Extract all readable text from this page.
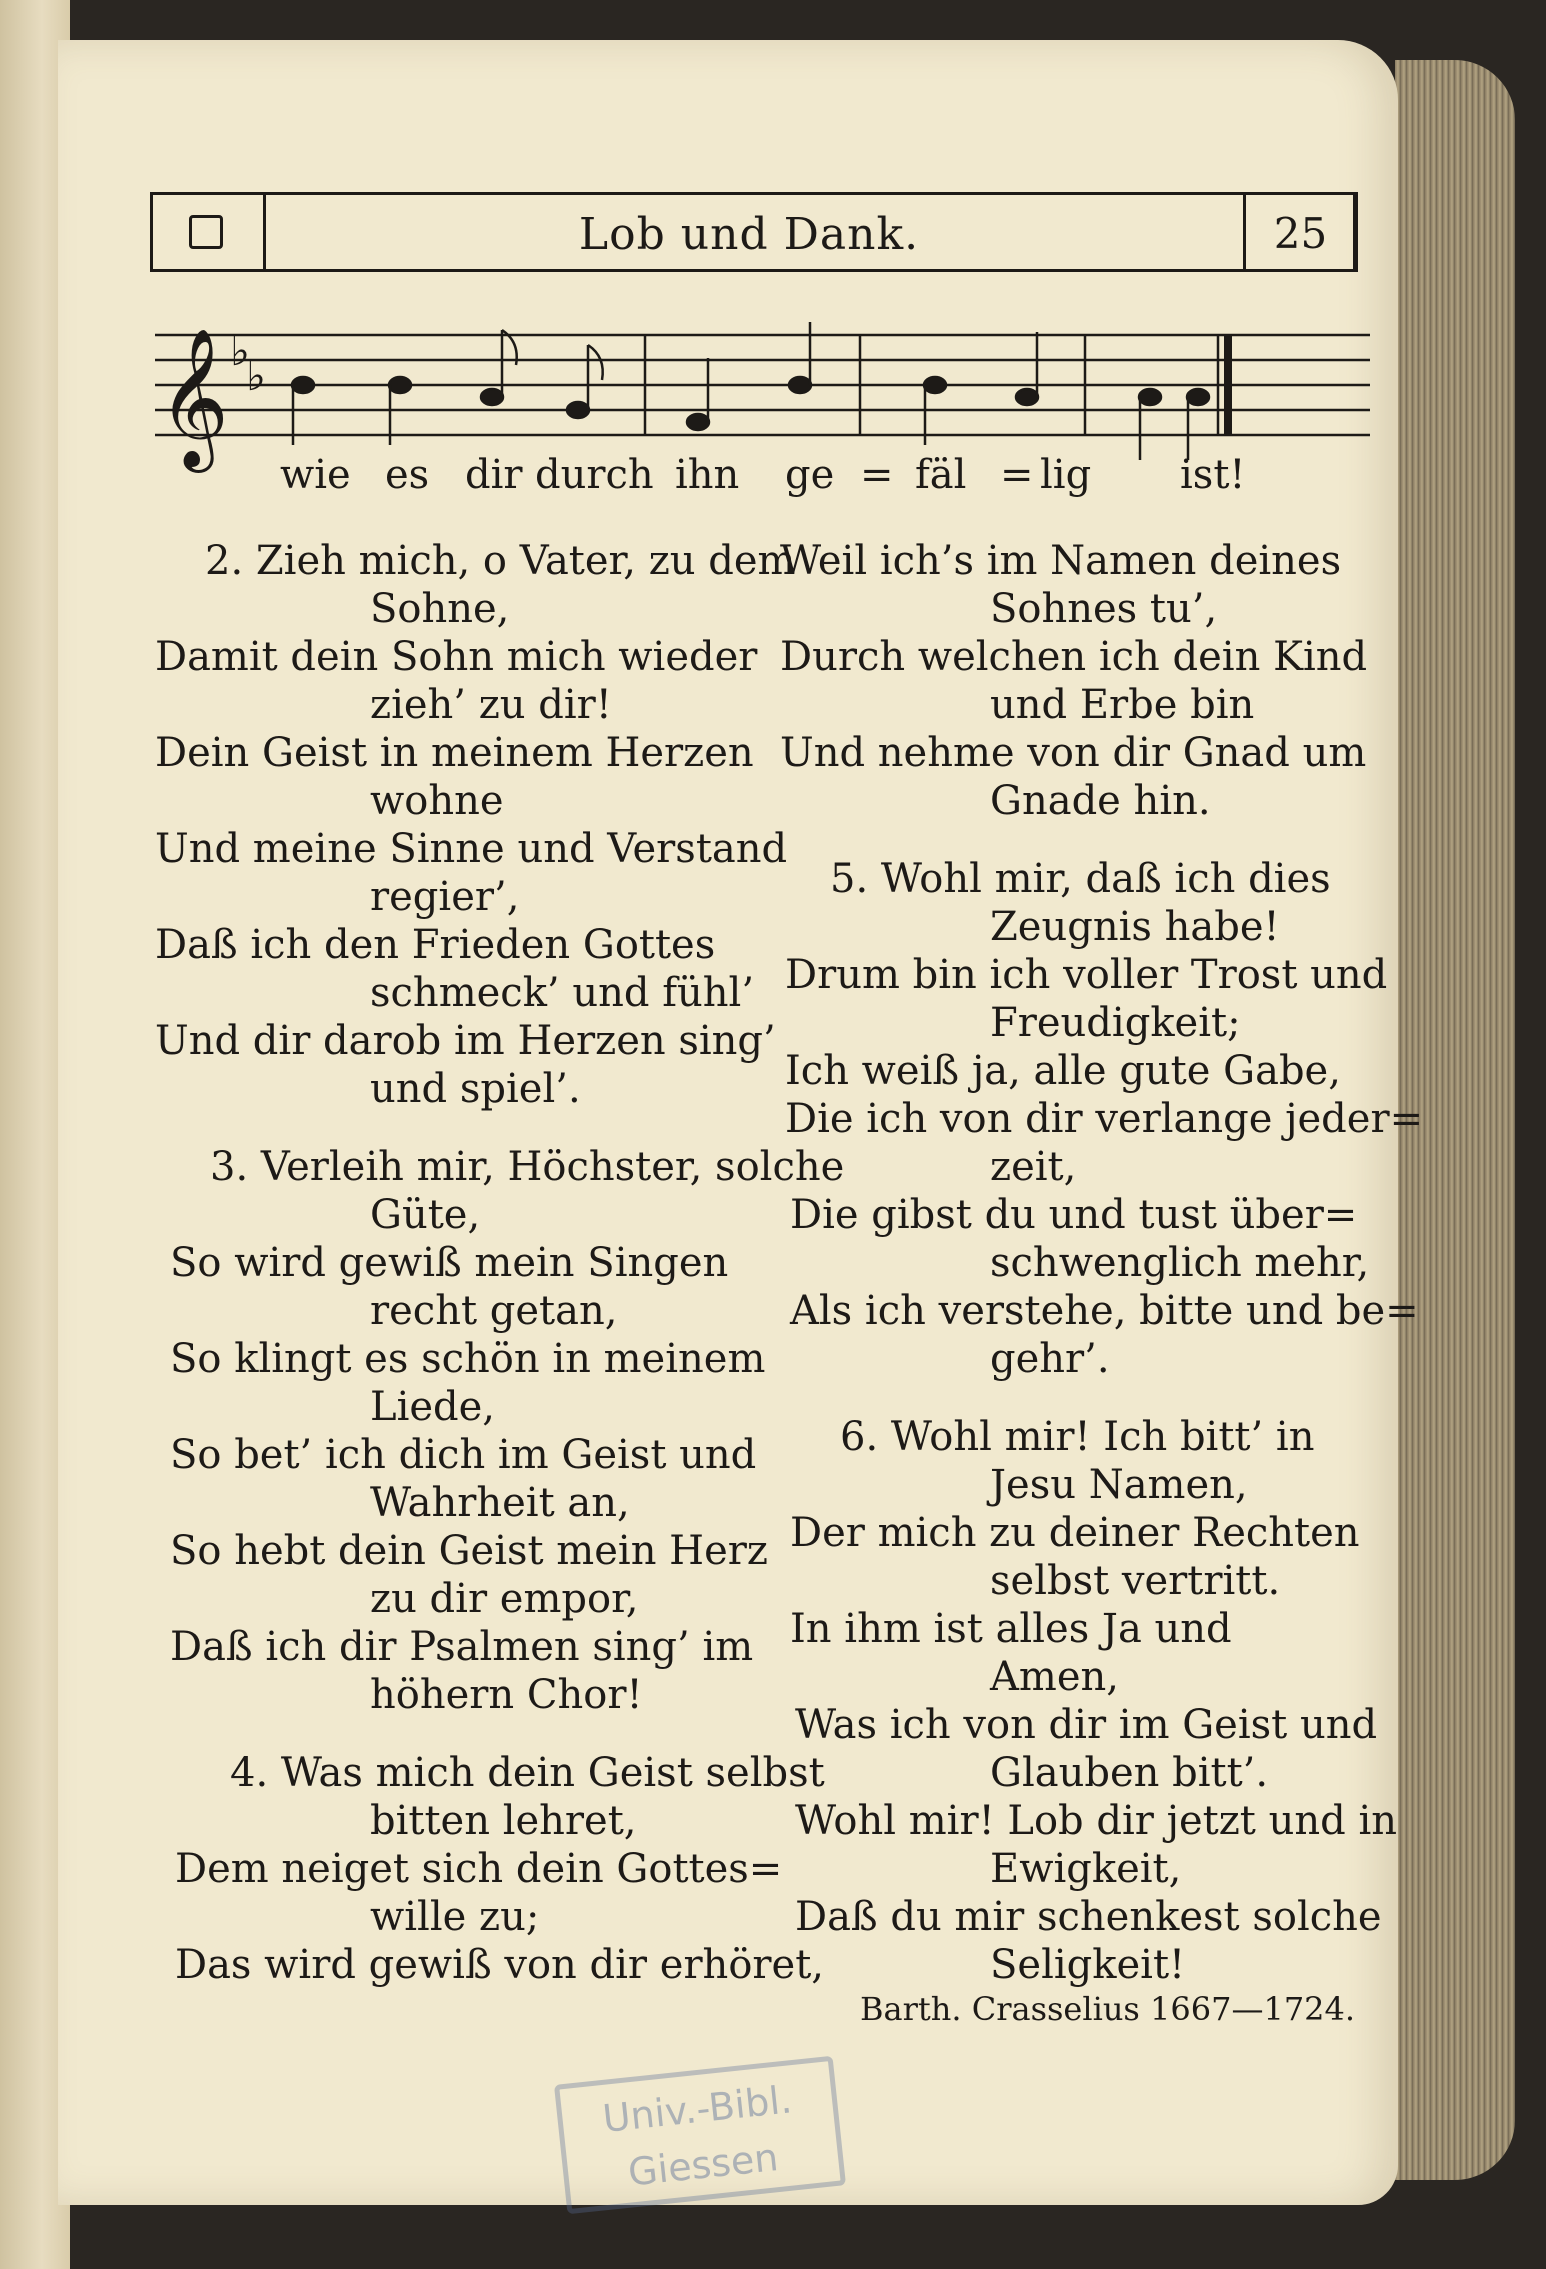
Lob und Dank.	25
𝄞 ♭
♭
wie es dir durch ihn ge = fäl = lig ist!
2. Zieh mich, o Vater, zu dem
Sohne,
Damit dein Sohn mich wieder
zieh’ zu dir!
Dein Geist in meinem Herzen
wohne
Und meine Sinne und Verstand
regier’,
Daß ich den Frieden Gottes
schmeck’ und fühl’
Und dir darob im Herzen sing’
und spiel’.
3. Verleih mir, Höchster, solche
Güte,
So wird gewiß mein Singen
recht getan,
So klingt es schön in meinem
Liede,
So bet’ ich dich im Geist und
Wahrheit an,
So hebt dein Geist mein Herz
zu dir empor,
Daß ich dir Psalmen sing’ im
höhern Chor!
4. Was mich dein Geist selbst
bitten lehret,
Dem neiget sich dein Gottes=
wille zu;
Das wird gewiß von dir erhöret,
Weil ich’s im Namen deines
Sohnes tu’,
Durch welchen ich dein Kind
und Erbe bin
Und nehme von dir Gnad um
Gnade hin.
5. Wohl mir, daß ich dies
Zeugnis habe!
Drum bin ich voller Trost und
Freudigkeit;
Ich weiß ja, alle gute Gabe,
Die ich von dir verlange jeder=
zeit,
Die gibst du und tust über=
schwenglich mehr,
Als ich verstehe, bitte und be=
gehr’.
6. Wohl mir! Ich bitt’ in
Jesu Namen,
Der mich zu deiner Rechten
selbst vertritt.
In ihm ist alles Ja und
Amen,
Was ich von dir im Geist und
Glauben bitt’.
Wohl mir! Lob dir jetzt und in
Ewigkeit,
Daß du mir schenkest solche
Seligkeit!
Barth. Crasselius 1667—1724.
Univ.-Bibl.
Giessen
